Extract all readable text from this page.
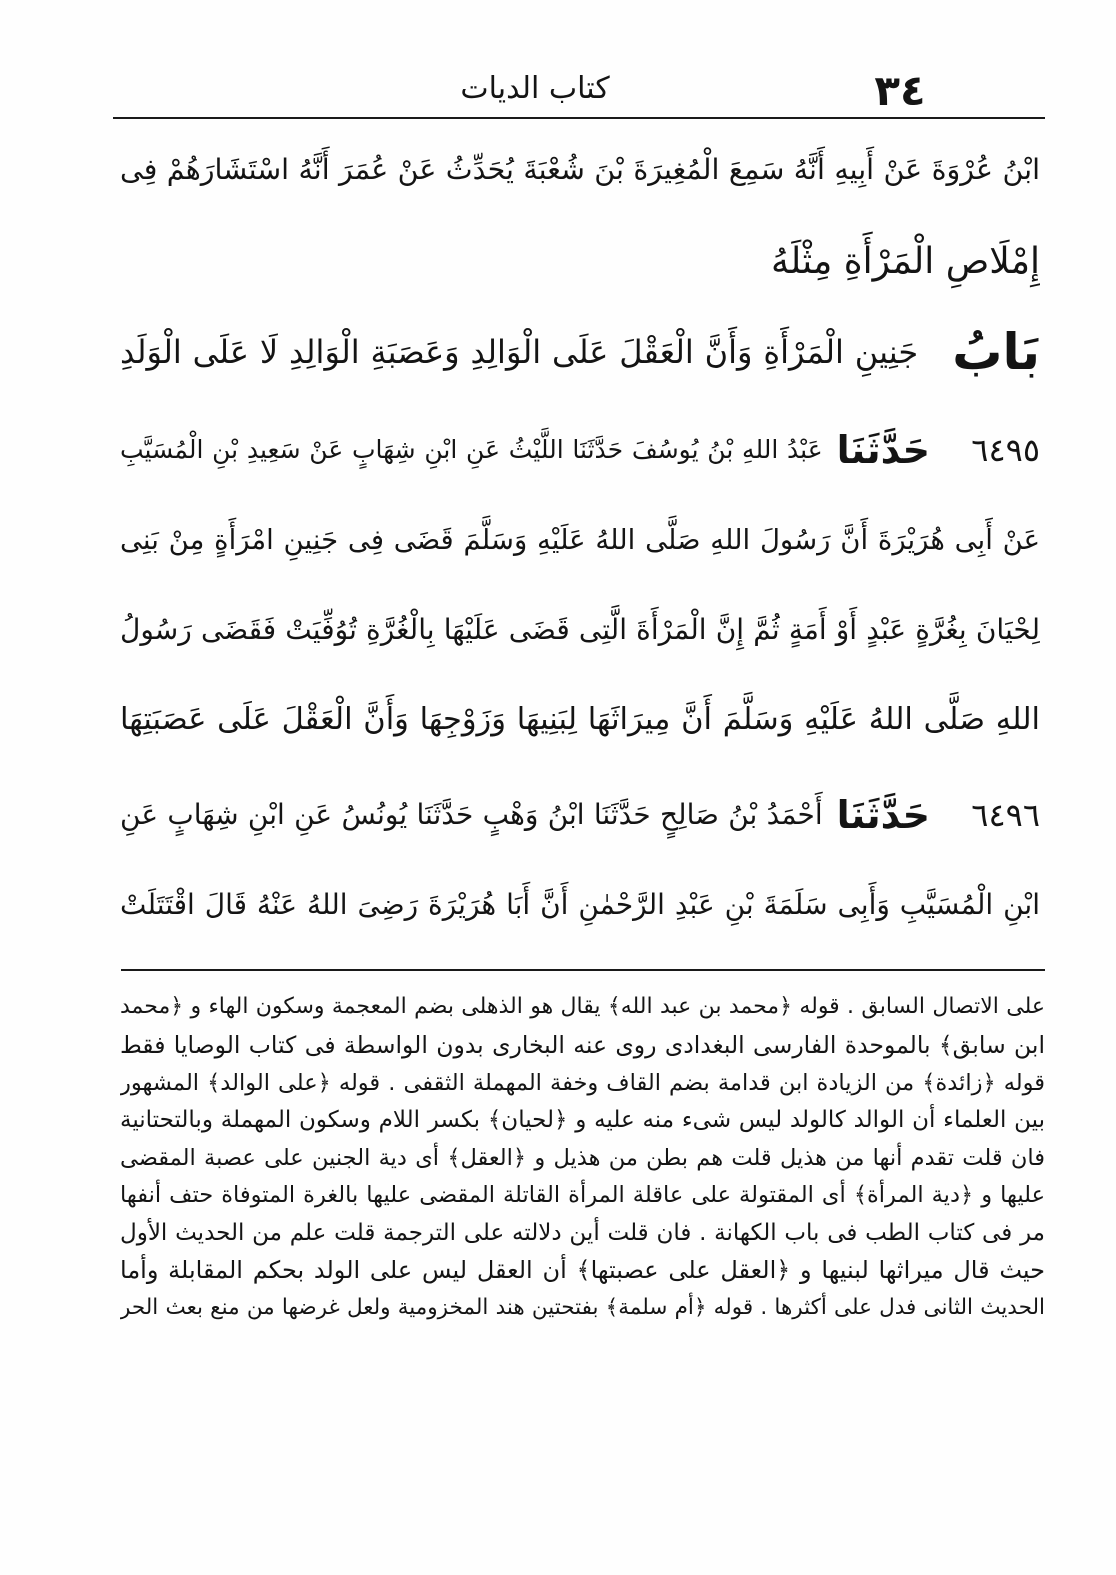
٣٤
كتاب الديات
ابْنُ عُرْوَةَ عَنْ أَبِيهِ أَنَّهُ سَمِعَ الْمُغِيرَةَ بْنَ شُعْبَةَ يُحَدِّثُ عَنْ عُمَرَ أَنَّهُ اسْتَشَارَهُمْ فِى
إِمْلَاصِ الْمَرْأَةِ مِثْلَهُ
بَابُ
جَنِينِ الْمَرْأَةِ وَأَنَّ الْعَقْلَ عَلَى الْوَالِدِ وَعَصَبَةِ الْوَالِدِ لَا عَلَى الْوَلَدِ
٦٤٩٥
حَدَّثَنَا
عَبْدُ اللهِ بْنُ يُوسُفَ حَدَّثَنَا اللَّيْثُ عَنِ ابْنِ شِهَابٍ عَنْ سَعِيدِ بْنِ الْمُسَيَّبِ
عَنْ أَبِى هُرَيْرَةَ أَنَّ رَسُولَ اللهِ صَلَّى اللهُ عَلَيْهِ وَسَلَّمَ قَضَى فِى جَنِينِ امْرَأَةٍ مِنْ بَنِى
لِحْيَانَ بِغُرَّةٍ عَبْدٍ أَوْ أَمَةٍ ثُمَّ إِنَّ الْمَرْأَةَ الَّتِى قَضَى عَلَيْهَا بِالْغُرَّةِ تُوُفِّيَتْ فَقَضَى رَسُولُ
اللهِ صَلَّى اللهُ عَلَيْهِ وَسَلَّمَ أَنَّ مِيرَاثَهَا لِبَنِيهَا وَزَوْجِهَا وَأَنَّ الْعَقْلَ عَلَى عَصَبَتِهَا
٦٤٩٦
حَدَّثَنَا
أَحْمَدُ بْنُ صَالِحٍ حَدَّثَنَا ابْنُ وَهْبٍ حَدَّثَنَا يُونُسُ عَنِ ابْنِ شِهَابٍ عَنِ
ابْنِ الْمُسَيَّبِ وَأَبِى سَلَمَةَ بْنِ عَبْدِ الرَّحْمٰنِ أَنَّ أَبَا هُرَيْرَةَ رَضِىَ اللهُ عَنْهُ قَالَ اقْتَتَلَتْ
على الاتصال السابق . قوله ﴿محمد بن عبد الله﴾ يقال هو الذهلى بضم المعجمة وسكون الهاء و ﴿محمد
ابن سابق﴾ بالموحدة الفارسى البغدادى روى عنه البخارى بدون الواسطة فى كتاب الوصايا فقط
قوله ﴿زائدة﴾ من الزيادة ابن قدامة بضم القاف وخفة المهملة الثقفى . قوله ﴿على الوالد﴾ المشهور
بين العلماء أن الوالد كالولد ليس شىء منه عليه و ﴿لحيان﴾ بكسر اللام وسكون المهملة وبالتحتانية
فان قلت تقدم أنها من هذيل قلت هم بطن من هذيل و ﴿العقل﴾ أى دية الجنين على عصبة المقضى
عليها و ﴿دية المرأة﴾ أى المقتولة على عاقلة المرأة القاتلة المقضى عليها بالغرة المتوفاة حتف أنفها
مر فى كتاب الطب فى باب الكهانة . فان قلت أين دلالته على الترجمة قلت علم من الحديث الأول
حيث قال ميراثها لبنيها و ﴿العقل على عصبتها﴾ أن العقل ليس على الولد بحكم المقابلة وأما
الحديث الثانى فدل على أكثرها . قوله ﴿أم سلمة﴾ بفتحتين هند المخزومية ولعل غرضها من منع بعث الحر
